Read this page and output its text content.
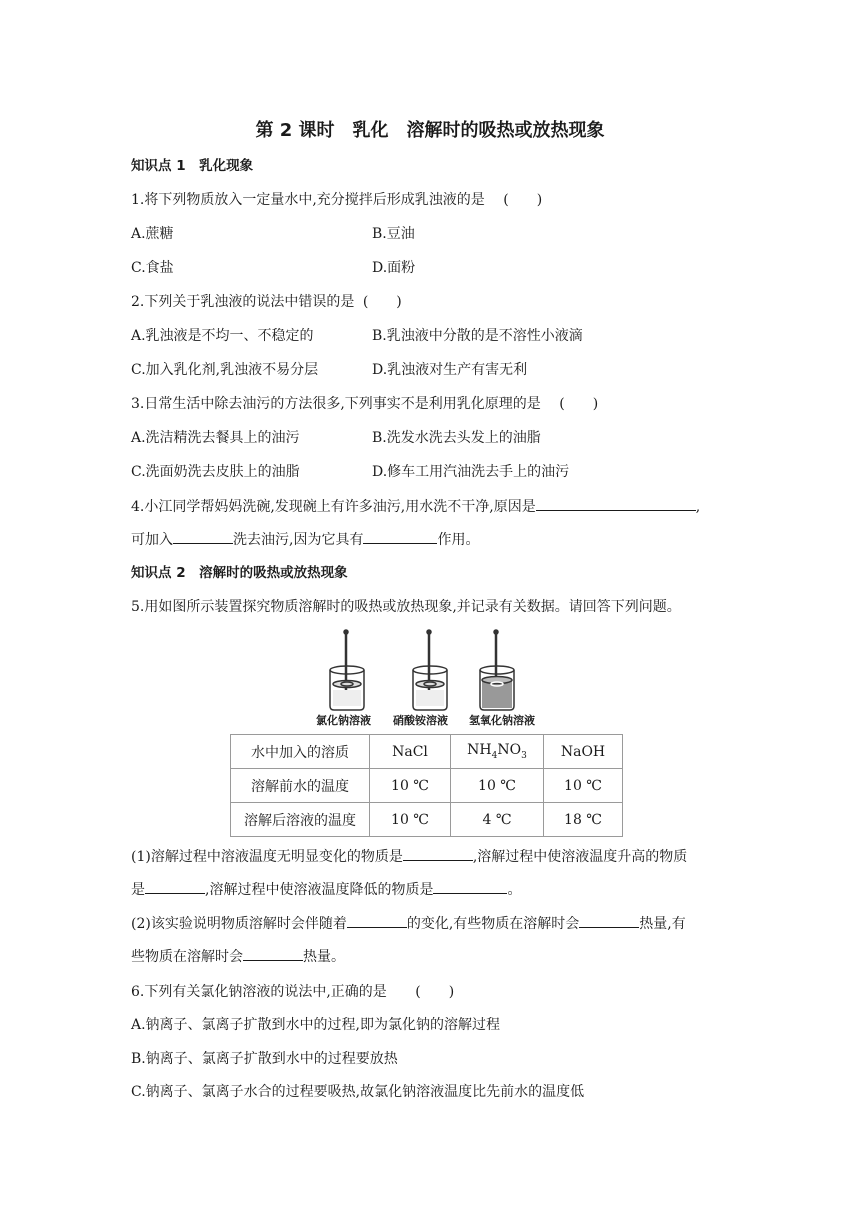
第 2 课时　乳化　溶解时的吸热或放热现象
知识点 1　乳化现象
1.将下列物质放入一定量水中,充分搅拌后形成乳浊液的是 (　　)
A.蔗糖	B.豆油
C.食盐	D.面粉
2.下列关于乳浊液的说法中错误的是 (　　)
A.乳浊液是不均一、不稳定的	B.乳浊液中分散的是不溶性小液滴
C.加入乳化剂,乳浊液不易分层	D.乳浊液对生产有害无利
3.日常生活中除去油污的方法很多,下列事实不是利用乳化原理的是 (　　)
A.洗洁精洗去餐具上的油污	B.洗发水洗去头发上的油脂
C.洗面奶洗去皮肤上的油脂	D.修车工用汽油洗去手上的油污
4.小江同学帮妈妈洗碗,发现碗上有许多油污,用水洗不干净,原因是	,
可加入	洗去油污,因为它具有	作用。
知识点 2　溶解时的吸热或放热现象
5.用如图所示装置探究物质溶解时的吸热或放热现象,并记录有关数据。请回答下列问题。
氯化钠溶液 硝酸铵溶液 氢氧化钠溶液
水中加入的溶质	NaCl	$NH_4NO_3$	NaOH
溶解前水的温度	10 ℃	10 ℃	10 ℃
溶解后溶液的温度	10 ℃	4 ℃	18 ℃
(1)溶解过程中溶液温度无明显变化的物质是	,溶解过程中使溶液温度升高的物质
是	,溶解过程中使溶液温度降低的物质是	。
(2)该实验说明物质溶解时会伴随着	的变化,有些物质在溶解时会	热量,有
些物质在溶解时会	热量。
6.下列有关氯化钠溶液的说法中,正确的是 (　　)
A.钠离子、氯离子扩散到水中的过程,即为氯化钠的溶解过程
B.钠离子、氯离子扩散到水中的过程要放热
C.钠离子、氯离子水合的过程要吸热,故氯化钠溶液温度比先前水的温度低
